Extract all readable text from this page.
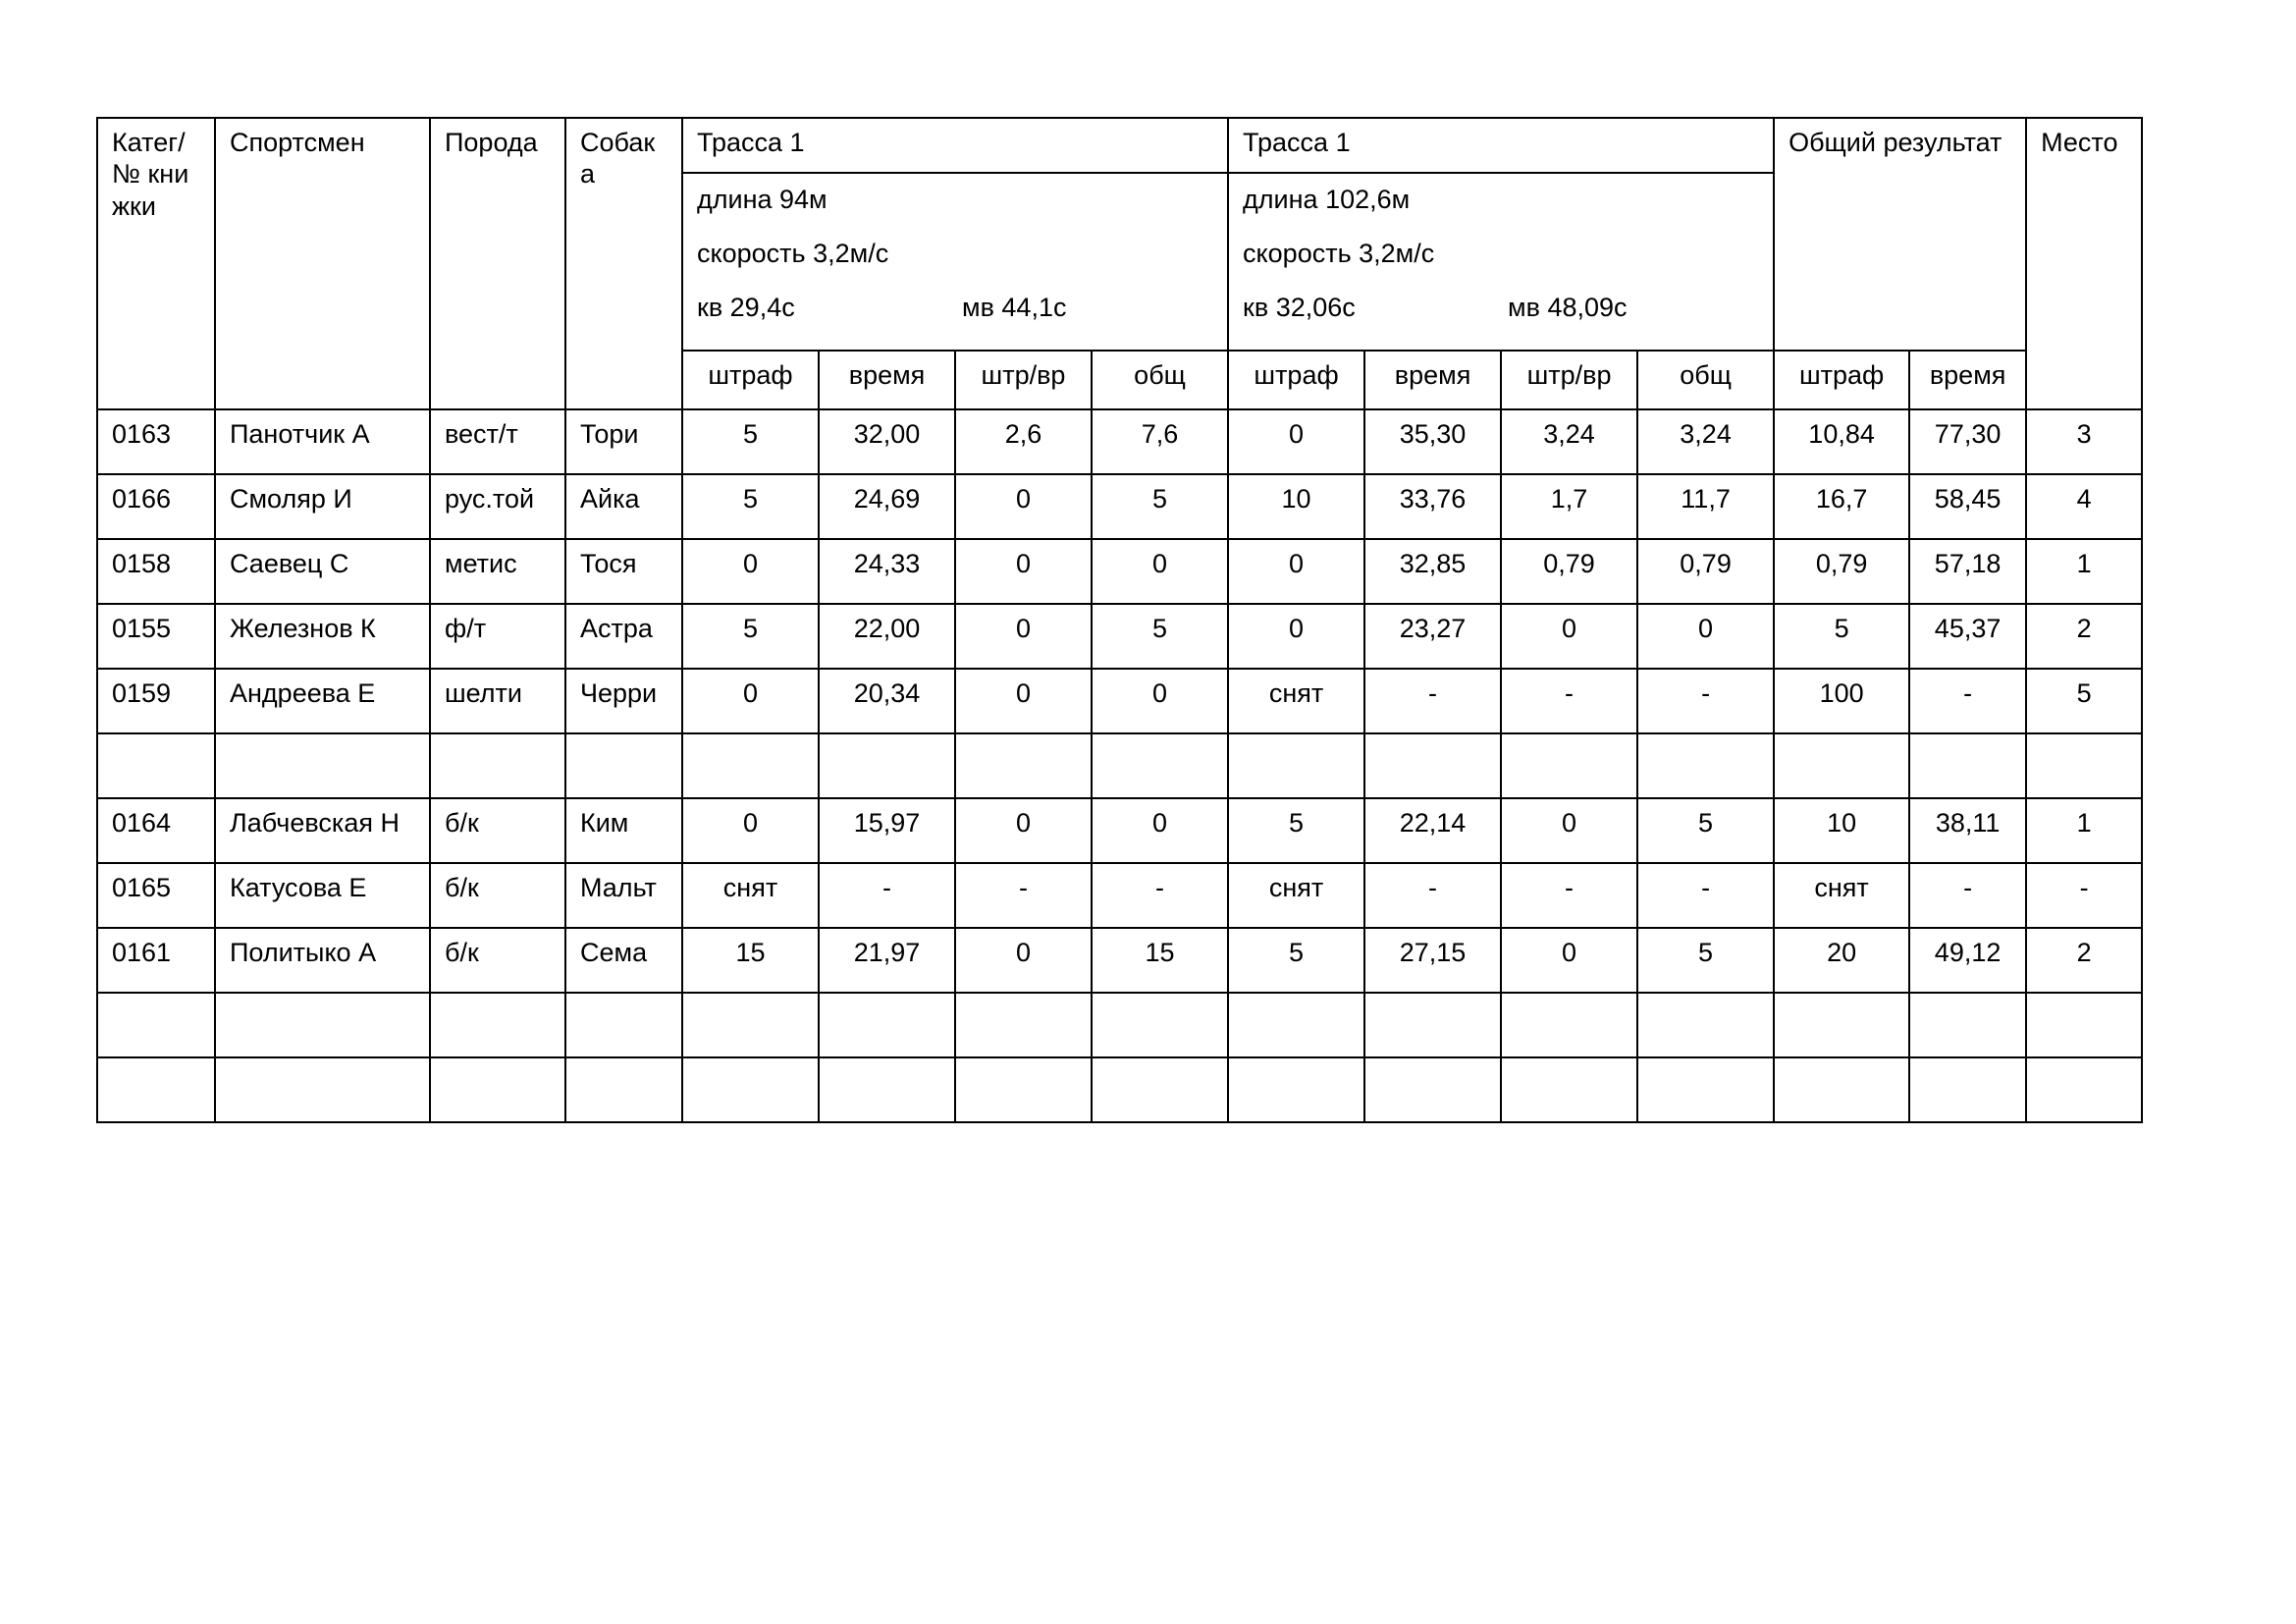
Катег/№ книжки	Спортсмен	Порода	Собака	Трасса 1				Трасса 1				Общий результат		Место

				длина 94м
скорость 3,2м/с
кв 29,4с мв 44,1с				длина 102,6м
скорость 3,2м/с
кв 32,06с мв 48,09с						

				штраф	время	штр/вр	общ	штраф	время	штр/вр	общ	штраф	время	
0163	Панотчик А	вест/т	Тори	5	32,00	2,6	7,6	0	35,30	3,24	3,24	10,84	77,30	3
0166	Смоляр И	рус.той	Айка	5	24,69	0	5	10	33,76	1,7	11,7	16,7	58,45	4
0158	Саевец С	метис	Тося	0	24,33	0	0	0	32,85	0,79	0,79	0,79	57,18	1
0155	Железнов К	ф/т	Астра	5	22,00	0	5	0	23,27	0	0	5	45,37	2
0159	Андреева Е	шелти	Черри	0	20,34	0	0	снят	-	-	-	100	-	5

0164	Лабчевская Н	б/к	Ким	0	15,97	0	0	5	22,14	0	5	10	38,11	1
0165	Катусова Е	б/к	Мальт	снят	-	-	-	снят	-	-	-	снят	-	-
0161	Политыко А	б/к	Сема	15	21,97	0	15	5	27,15	0	5	20	49,12	2
